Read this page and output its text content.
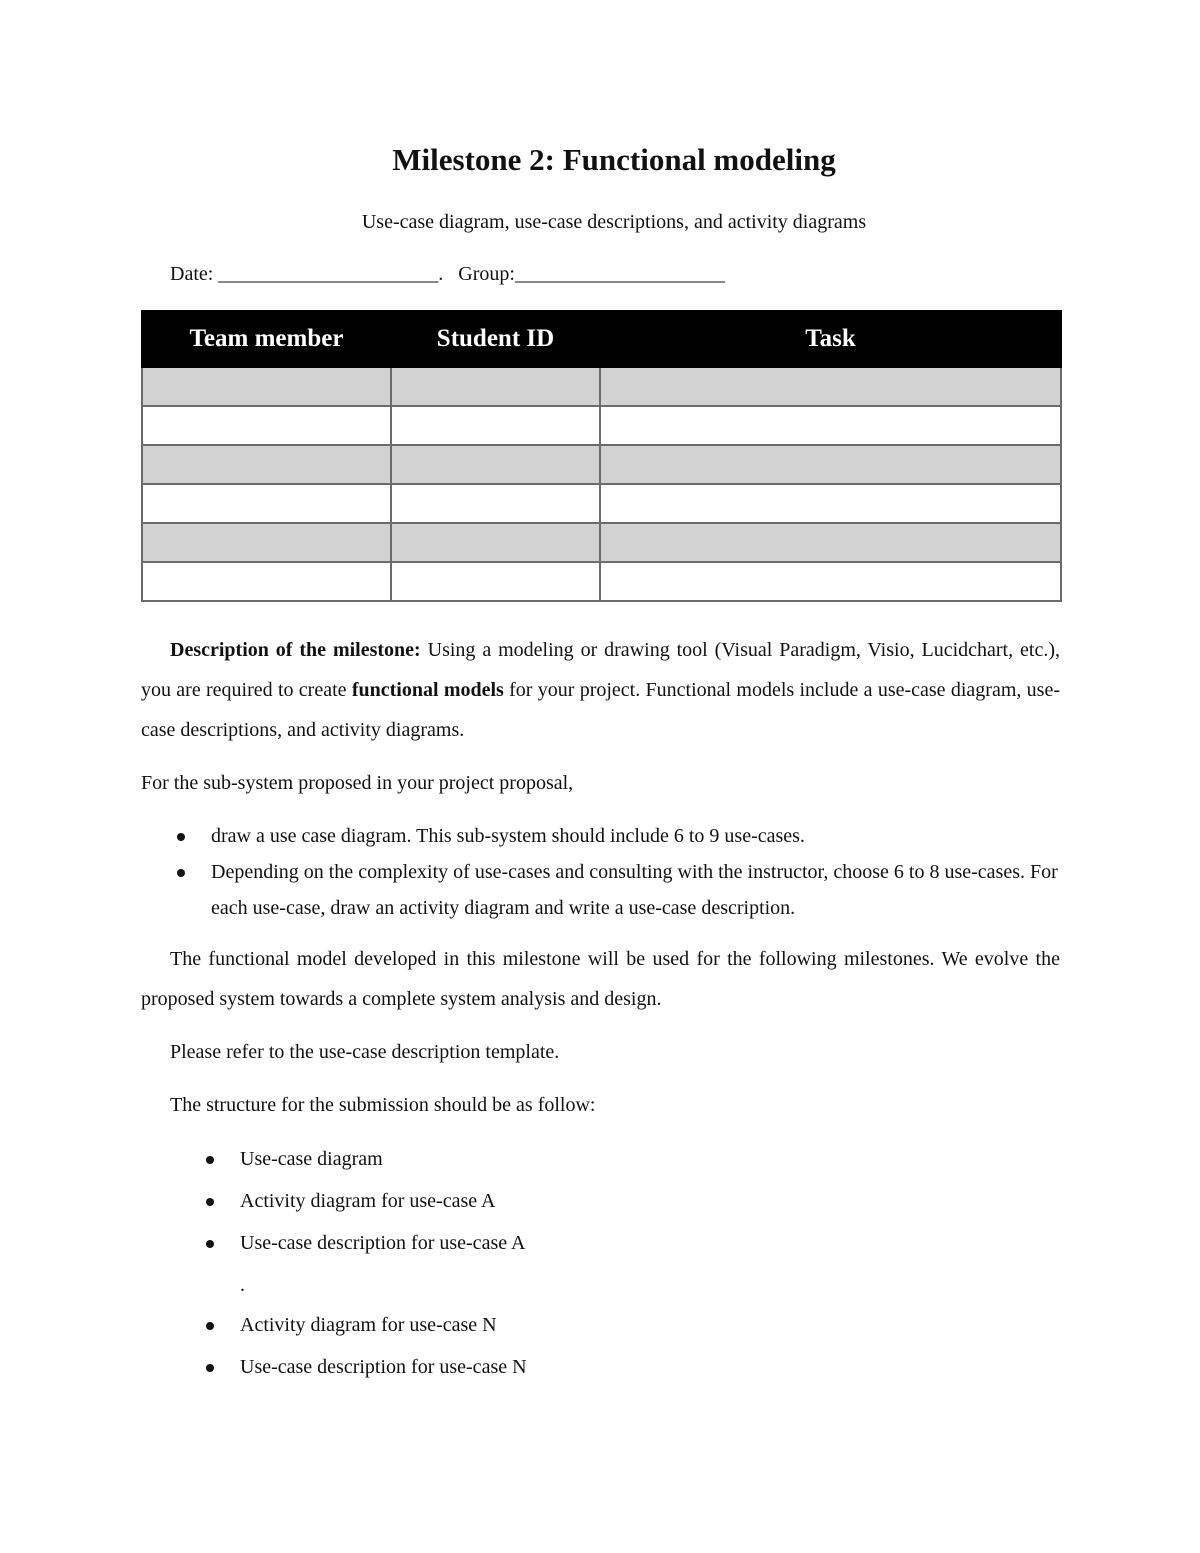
Milestone 2: Functional modeling
Use-case diagram, use-case descriptions, and activity diagrams
Date: ______________________.   Group:_____________________
Team member	Student ID	Task

Description of the milestone: Using a modeling or drawing tool (Visual Paradigm, Visio, Lucidchart, etc.), you are required to create functional models for your project. Functional models include a use-case diagram, use-case descriptions, and activity diagrams.
For the sub-system proposed in your project proposal,
draw a use case diagram. This sub-system should include 6 to 9 use-cases.
Depending on the complexity of use-cases and consulting with the instructor, choose 6 to 8 use-cases. For each use-case, draw an activity diagram and write a use-case description.
The functional model developed in this milestone will be used for the following milestones. We evolve the proposed system towards a complete system analysis and design.
Please refer to the use-case description template.
The structure for the submission should be as follow:
Use-case diagram
Activity diagram for use-case A
Use-case description for use-case A
.
Activity diagram for use-case N
Use-case description for use-case N
